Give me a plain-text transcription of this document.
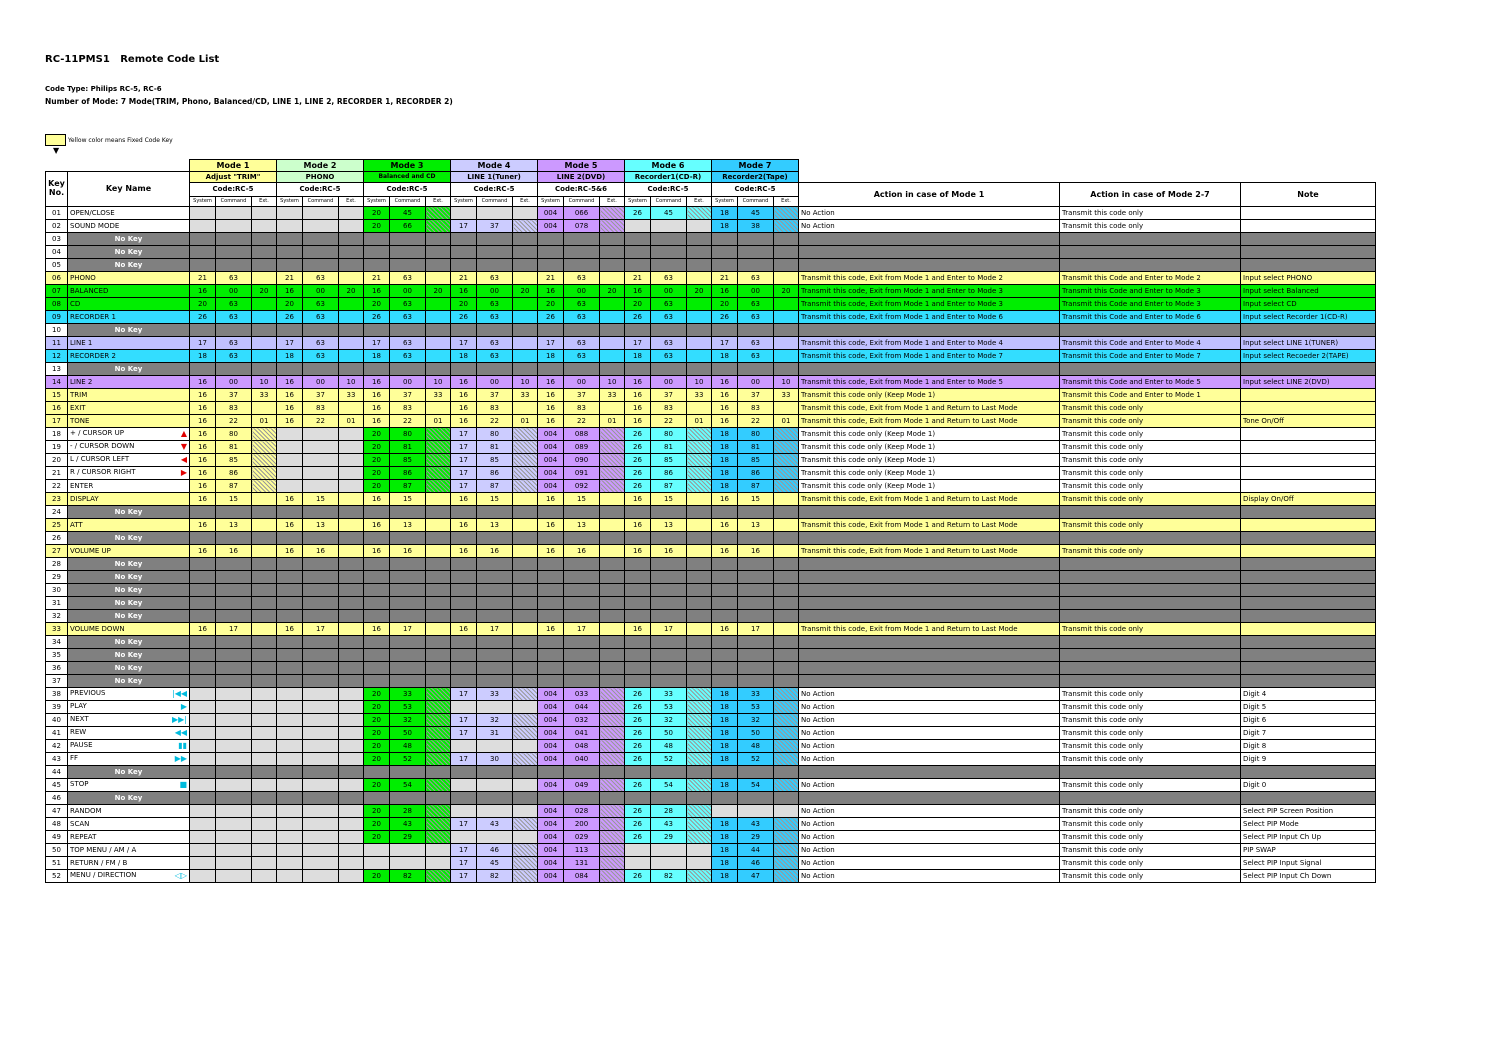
RC-11PMS1   Remote Code List
Code Type: Philips RC-5, RC-6
Number of Mode: 7 Mode(TRIM, Phono, Balanced/CD, LINE 1, LINE 2, RECORDER 1, RECORDER 2)
Yellow color means Fixed Code Key
▼
		Mode 1			Mode 2			Mode 3			Mode 4			Mode 5			Mode 6			Mode 7					
Key
No.	Key Name	Adjust "TRIM"			PHONO			Balanced and CD			LINE 1(Tuner)			LINE 2(DVD)			Recorder1(CD-R)			Recorder2(Tape)					
		Code:RC-5			Code:RC-5			Code:RC-5			Code:RC-5			Code:RC-5&6			Code:RC-5			Code:RC-5			Action in case of Mode 1	Action in case of Mode 2-7	Note
		System	Command	Ext.	System	Command	Ext.	System	Command	Ext.	System	Command	Ext.	System	Command	Ext.	System	Command	Ext.	System	Command	Ext.			
01	OPEN/CLOSE							20	45					004	066		26	45		18	45		No Action	Transmit this code only	
02	SOUND MODE							20	66		17	37		004	078					18	38		No Action	Transmit this code only	
03	No Key																								
04	No Key																								
05	No Key																								
06	PHONO	21	63		21	63		21	63		21	63		21	63		21	63		21	63		Transmit this code, Exit from Mode 1 and Enter to Mode 2	Transmit this Code and Enter to Mode 2	Input select PHONO
07	BALANCED	16	00	20	16	00	20	16	00	20	16	00	20	16	00	20	16	00	20	16	00	20	Transmit this code, Exit from Mode 1 and Enter to Mode 3	Transmit this Code and Enter to Mode 3	Input select Balanced
08	CD	20	63		20	63		20	63		20	63		20	63		20	63		20	63		Transmit this code, Exit from Mode 1 and Enter to Mode 3	Transmit this Code and Enter to Mode 3	Input select CD
09	RECORDER 1	26	63		26	63		26	63		26	63		26	63		26	63		26	63		Transmit this code, Exit from Mode 1 and Enter to Mode 6	Transmit this Code and Enter to Mode 6	Input select Recorder 1(CD-R)
10	No Key																								
11	LINE 1	17	63		17	63		17	63		17	63		17	63		17	63		17	63		Transmit this code, Exit from Mode 1 and Enter to Mode 4	Transmit this Code and Enter to Mode 4	Input select LINE 1(TUNER)
12	RECORDER 2	18	63		18	63		18	63		18	63		18	63		18	63		18	63		Transmit this code, Exit from Mode 1 and Enter to Mode 7	Transmit this Code and Enter to Mode 7	Input select Recoeder 2(TAPE)
13	No Key																								
14	LINE 2	16	00	10	16	00	10	16	00	10	16	00	10	16	00	10	16	00	10	16	00	10	Transmit this code, Exit from Mode 1 and Enter to Mode 5	Transmit this Code and Enter to Mode 5	Input select LINE 2(DVD)
15	TRIM	16	37	33	16	37	33	16	37	33	16	37	33	16	37	33	16	37	33	16	37	33	Transmit this code only (Keep Mode 1)	Transmit this Code and Enter to Mode 1	
16	EXIT	16	83		16	83		16	83		16	83		16	83		16	83		16	83		Transmit this code, Exit from Mode 1 and Return to Last Mode	Transmit this code only	
17	TONE	16	22	01	16	22	01	16	22	01	16	22	01	16	22	01	16	22	01	16	22	01	Transmit this code, Exit from Mode 1 and Return to Last Mode	Transmit this code only	Tone On/Off
18	+ / CURSOR UP ▲	16	80					20	80		17	80		004	088		26	80		18	80		Transmit this code only (Keep Mode 1)	Transmit this code only	
19	- / CURSOR DOWN ▼	16	81					20	81		17	81		004	089		26	81		18	81		Transmit this code only (Keep Mode 1)	Transmit this code only	
20	L / CURSOR LEFT ◀	16	85					20	85		17	85		004	090		26	85		18	85		Transmit this code only (Keep Mode 1)	Transmit this code only	
21	R / CURSOR RIGHT ▶	16	86					20	86		17	86		004	091		26	86		18	86		Transmit this code only (Keep Mode 1)	Transmit this code only	
22	ENTER	16	87					20	87		17	87		004	092		26	87		18	87		Transmit this code only (Keep Mode 1)	Transmit this code only	
23	DISPLAY	16	15		16	15		16	15		16	15		16	15		16	15		16	15		Transmit this code, Exit from Mode 1 and Return to Last Mode	Transmit this code only	Display On/Off
24	No Key																								
25	ATT	16	13		16	13		16	13		16	13		16	13		16	13		16	13		Transmit this code, Exit from Mode 1 and Return to Last Mode	Transmit this code only	
26	No Key																								
27	VOLUME UP	16	16		16	16		16	16		16	16		16	16		16	16		16	16		Transmit this code, Exit from Mode 1 and Return to Last Mode	Transmit this code only	
28	No Key																								
29	No Key																								
30	No Key																								
31	No Key																								
32	No Key																								
33	VOLUME DOWN	16	17		16	17		16	17		16	17		16	17		16	17		16	17		Transmit this code, Exit from Mode 1 and Return to Last Mode	Transmit this code only	
34	No Key																								
35	No Key																								
36	No Key																								
37	No Key																								
38	PREVIOUS |◀◀							20	33		17	33		004	033		26	33		18	33		No Action	Transmit this code only	Digit 4
39	PLAY ▶							20	53					004	044		26	53		18	53		No Action	Transmit this code only	Digit 5
40	NEXT ▶▶|							20	32		17	32		004	032		26	32		18	32		No Action	Transmit this code only	Digit 6
41	REW ◀◀							20	50		17	31		004	041		26	50		18	50		No Action	Transmit this code only	Digit 7
42	PAUSE ▮▮							20	48					004	048		26	48		18	48		No Action	Transmit this code only	Digit 8
43	FF ▶▶							20	52		17	30		004	040		26	52		18	52		No Action	Transmit this code only	Digit 9
44	No Key																								
45	STOP ■							20	54					004	049		26	54		18	54		No Action	Transmit this code only	Digit 0
46	No Key																								
47	RANDOM							20	28					004	028		26	28					No Action	Transmit this code only	Select PIP Screen Position
48	SCAN							20	43		17	43		004	200		26	43		18	43		No Action	Transmit this code only	Select PIP Mode
49	REPEAT							20	29					004	029		26	29		18	29		No Action	Transmit this code only	Select PIP Input Ch Up
50	TOP MENU / AM / A										17	46		004	113					18	44		No Action	Transmit this code only	PIP SWAP
51	RETURN / FM / B										17	45		004	131					18	46		No Action	Transmit this code only	Select PIP Input Signal
52	MENU / DIRECTION ◁▷							20	82		17	82		004	084		26	82		18	47		No Action	Transmit this code only	Select PIP Input Ch Down
